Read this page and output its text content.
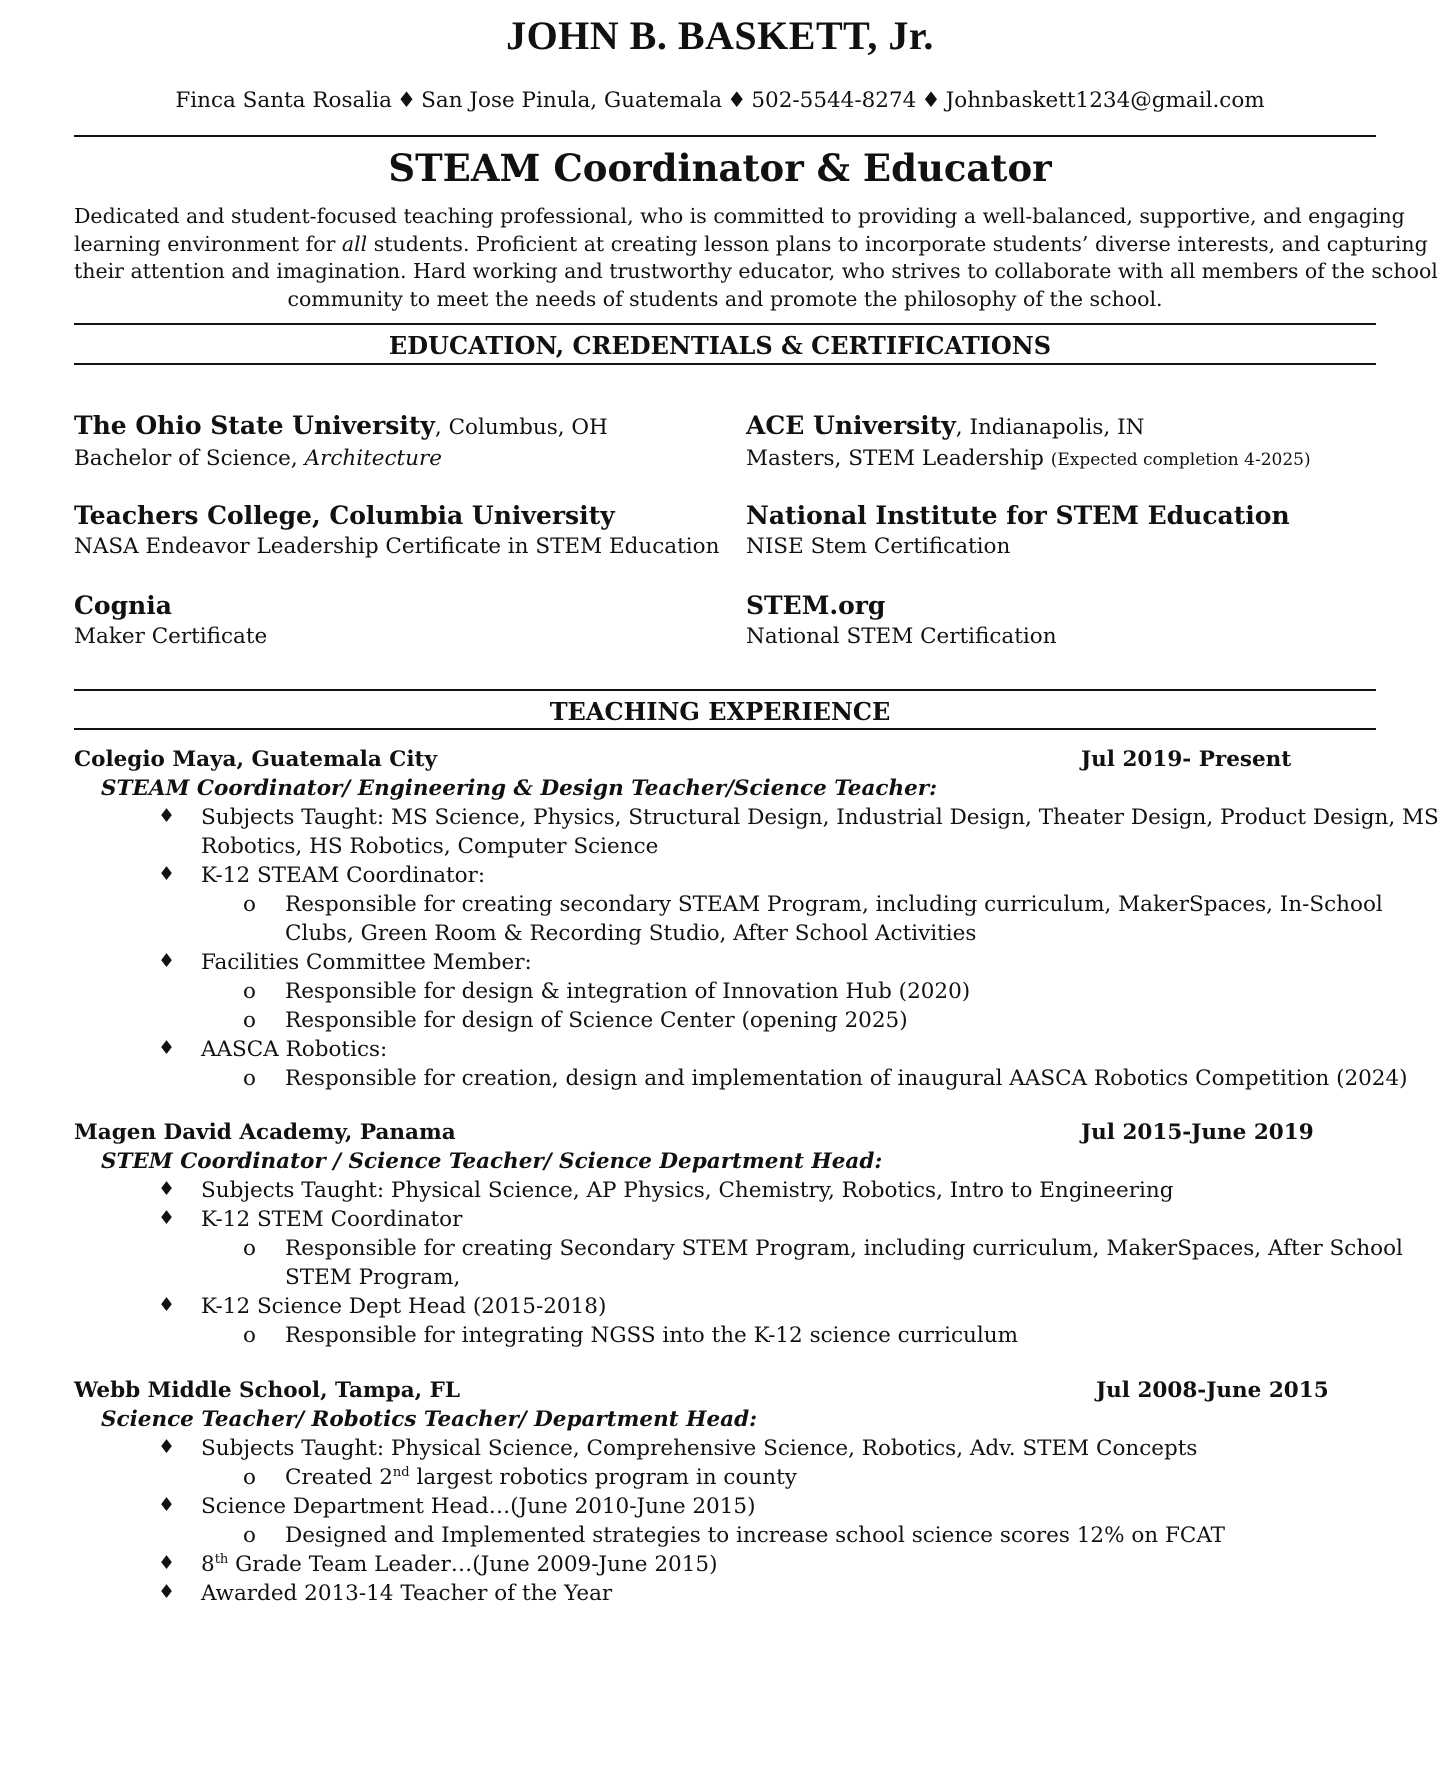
JOHN B. BASKETT, Jr.
Finca Santa Rosalia ♦ San Jose Pinula, Guatemala ♦ 502-5544-8274 ♦ Johnbaskett1234@gmail.com
STEAM Coordinator & Educator
Dedicated and student-focused teaching professional, who is committed to providing a well-balanced, supportive, and engaging
learning environment for all students. Proficient at creating lesson plans to incorporate students’ diverse interests, and capturing
their attention and imagination. Hard working and trustworthy educator, who strives to collaborate with all members of the school
community to meet the needs of students and promote the philosophy of the school.
EDUCATION, CREDENTIALS & CERTIFICATIONS
The Ohio State University, Columbus, OH
Bachelor of Science, Architecture
ACE University, Indianapolis, IN
Masters, STEM Leadership (Expected completion 4-2025)
Teachers College, Columbia University
NASA Endeavor Leadership Certificate in STEM Education
National Institute for STEM Education
NISE Stem Certification
Cognia
Maker Certificate
STEM.org
National STEM Certification
TEACHING EXPERIENCE
Colegio Maya, Guatemala City	Jul 2019- Present
STEAM Coordinator/ Engineering & Design Teacher/Science Teacher:
♦ Subjects Taught: MS Science, Physics, Structural Design, Industrial Design, Theater Design, Product Design, MS
Robotics, HS Robotics, Computer Science
♦ K-12 STEAM Coordinator:
o Responsible for creating secondary STEAM Program, including curriculum, MakerSpaces, In-School
Clubs, Green Room & Recording Studio, After School Activities
♦ Facilities Committee Member:
o Responsible for design & integration of Innovation Hub (2020)
o Responsible for design of Science Center (opening 2025)
♦ AASCA Robotics:
o Responsible for creation, design and implementation of inaugural AASCA Robotics Competition (2024)
Magen David Academy, Panama	Jul 2015-June 2019
STEM Coordinator / Science Teacher/ Science Department Head:
♦ Subjects Taught: Physical Science, AP Physics, Chemistry, Robotics, Intro to Engineering
♦ K-12 STEM Coordinator
o Responsible for creating Secondary STEM Program, including curriculum, MakerSpaces, After School
STEM Program,
♦ K-12 Science Dept Head (2015-2018)
o Responsible for integrating NGSS into the K-12 science curriculum
Webb Middle School, Tampa, FL	Jul 2008-June 2015
Science Teacher/ Robotics Teacher/ Department Head:
♦ Subjects Taught: Physical Science, Comprehensive Science, Robotics, Adv. STEM Concepts
o Created 2nd largest robotics program in county
♦ Science Department Head…(June 2010-June 2015)
o Designed and Implemented strategies to increase school science scores 12% on FCAT
♦ 8th Grade Team Leader…(June 2009-June 2015)
♦ Awarded 2013-14 Teacher of the Year
